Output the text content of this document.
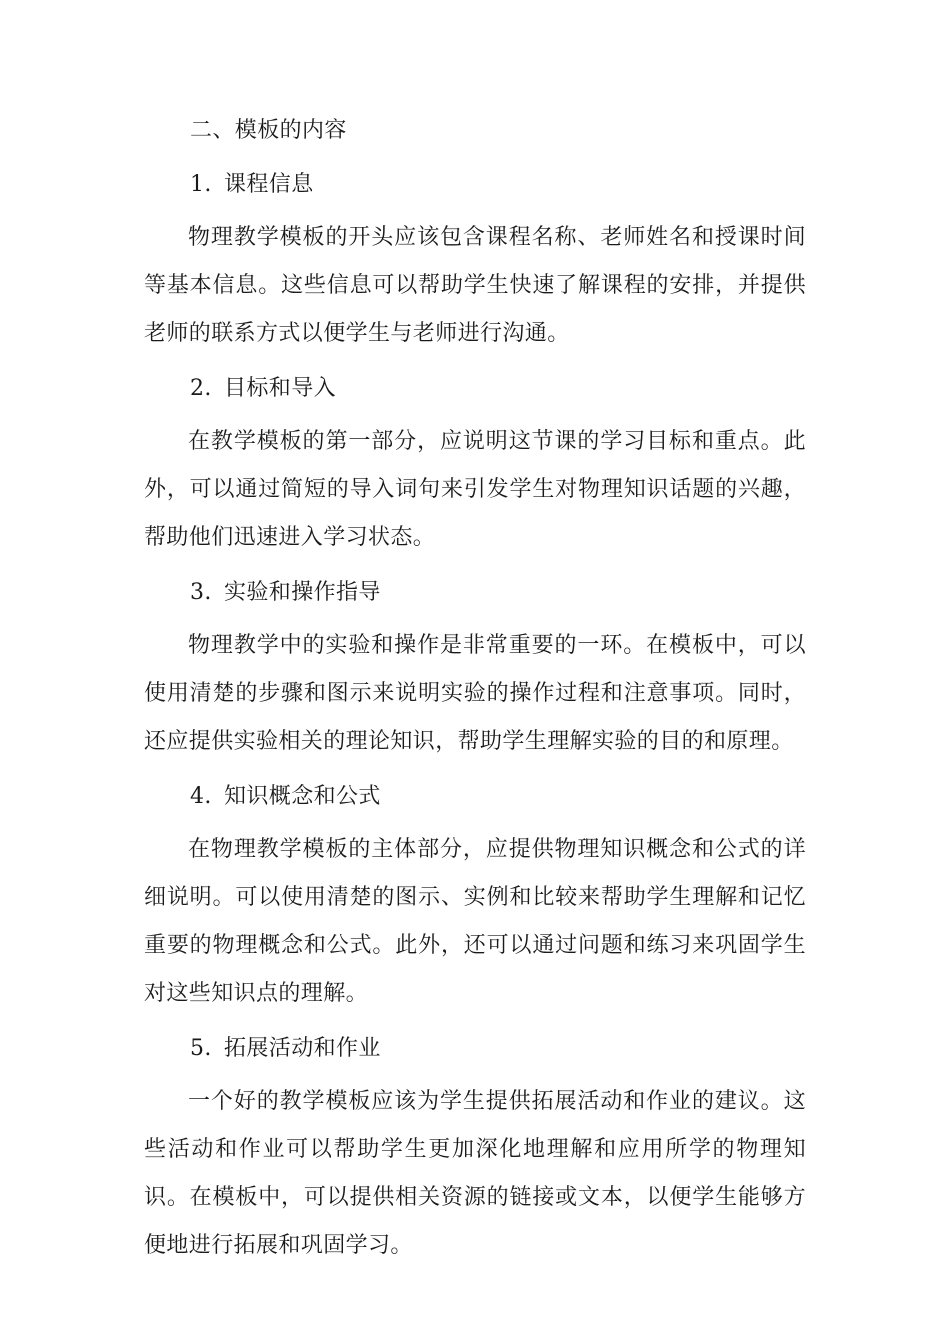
二、模板的内容
1. 课程信息

物理教学模板的开头应该包含课程名称、老师姓名和授课时间等基本信息。这些信息可以帮助学生快速了解课程的安排，并提供老师的联系方式以便学生与老师进行沟通。

2. 目标和导入

在教学模板的第一部分，应说明这节课的学习目标和重点。此外，可以通过简短的导入词句来引发学生对物理知识话题的兴趣，帮助他们迅速进入学习状态。

3. 实验和操作指导

物理教学中的实验和操作是非常重要的一环。在模板中，可以使用清楚的步骤和图示来说明实验的操作过程和注意事项。同时，还应提供实验相关的理论知识，帮助学生理解实验的目的和原理。

4. 知识概念和公式

在物理教学模板的主体部分，应提供物理知识概念和公式的详细说明。可以使用清楚的图示、实例和比较来帮助学生理解和记忆重要的物理概念和公式。此外，还可以通过问题和练习来巩固学生对这些知识点的理解。

5. 拓展活动和作业

一个好的教学模板应该为学生提供拓展活动和作业的建议。这些活动和作业可以帮助学生更加深化地理解和应用所学的物理知识。在模板中，可以提供相关资源的链接或文本，以便学生能够方便地进行拓展和巩固学习。
